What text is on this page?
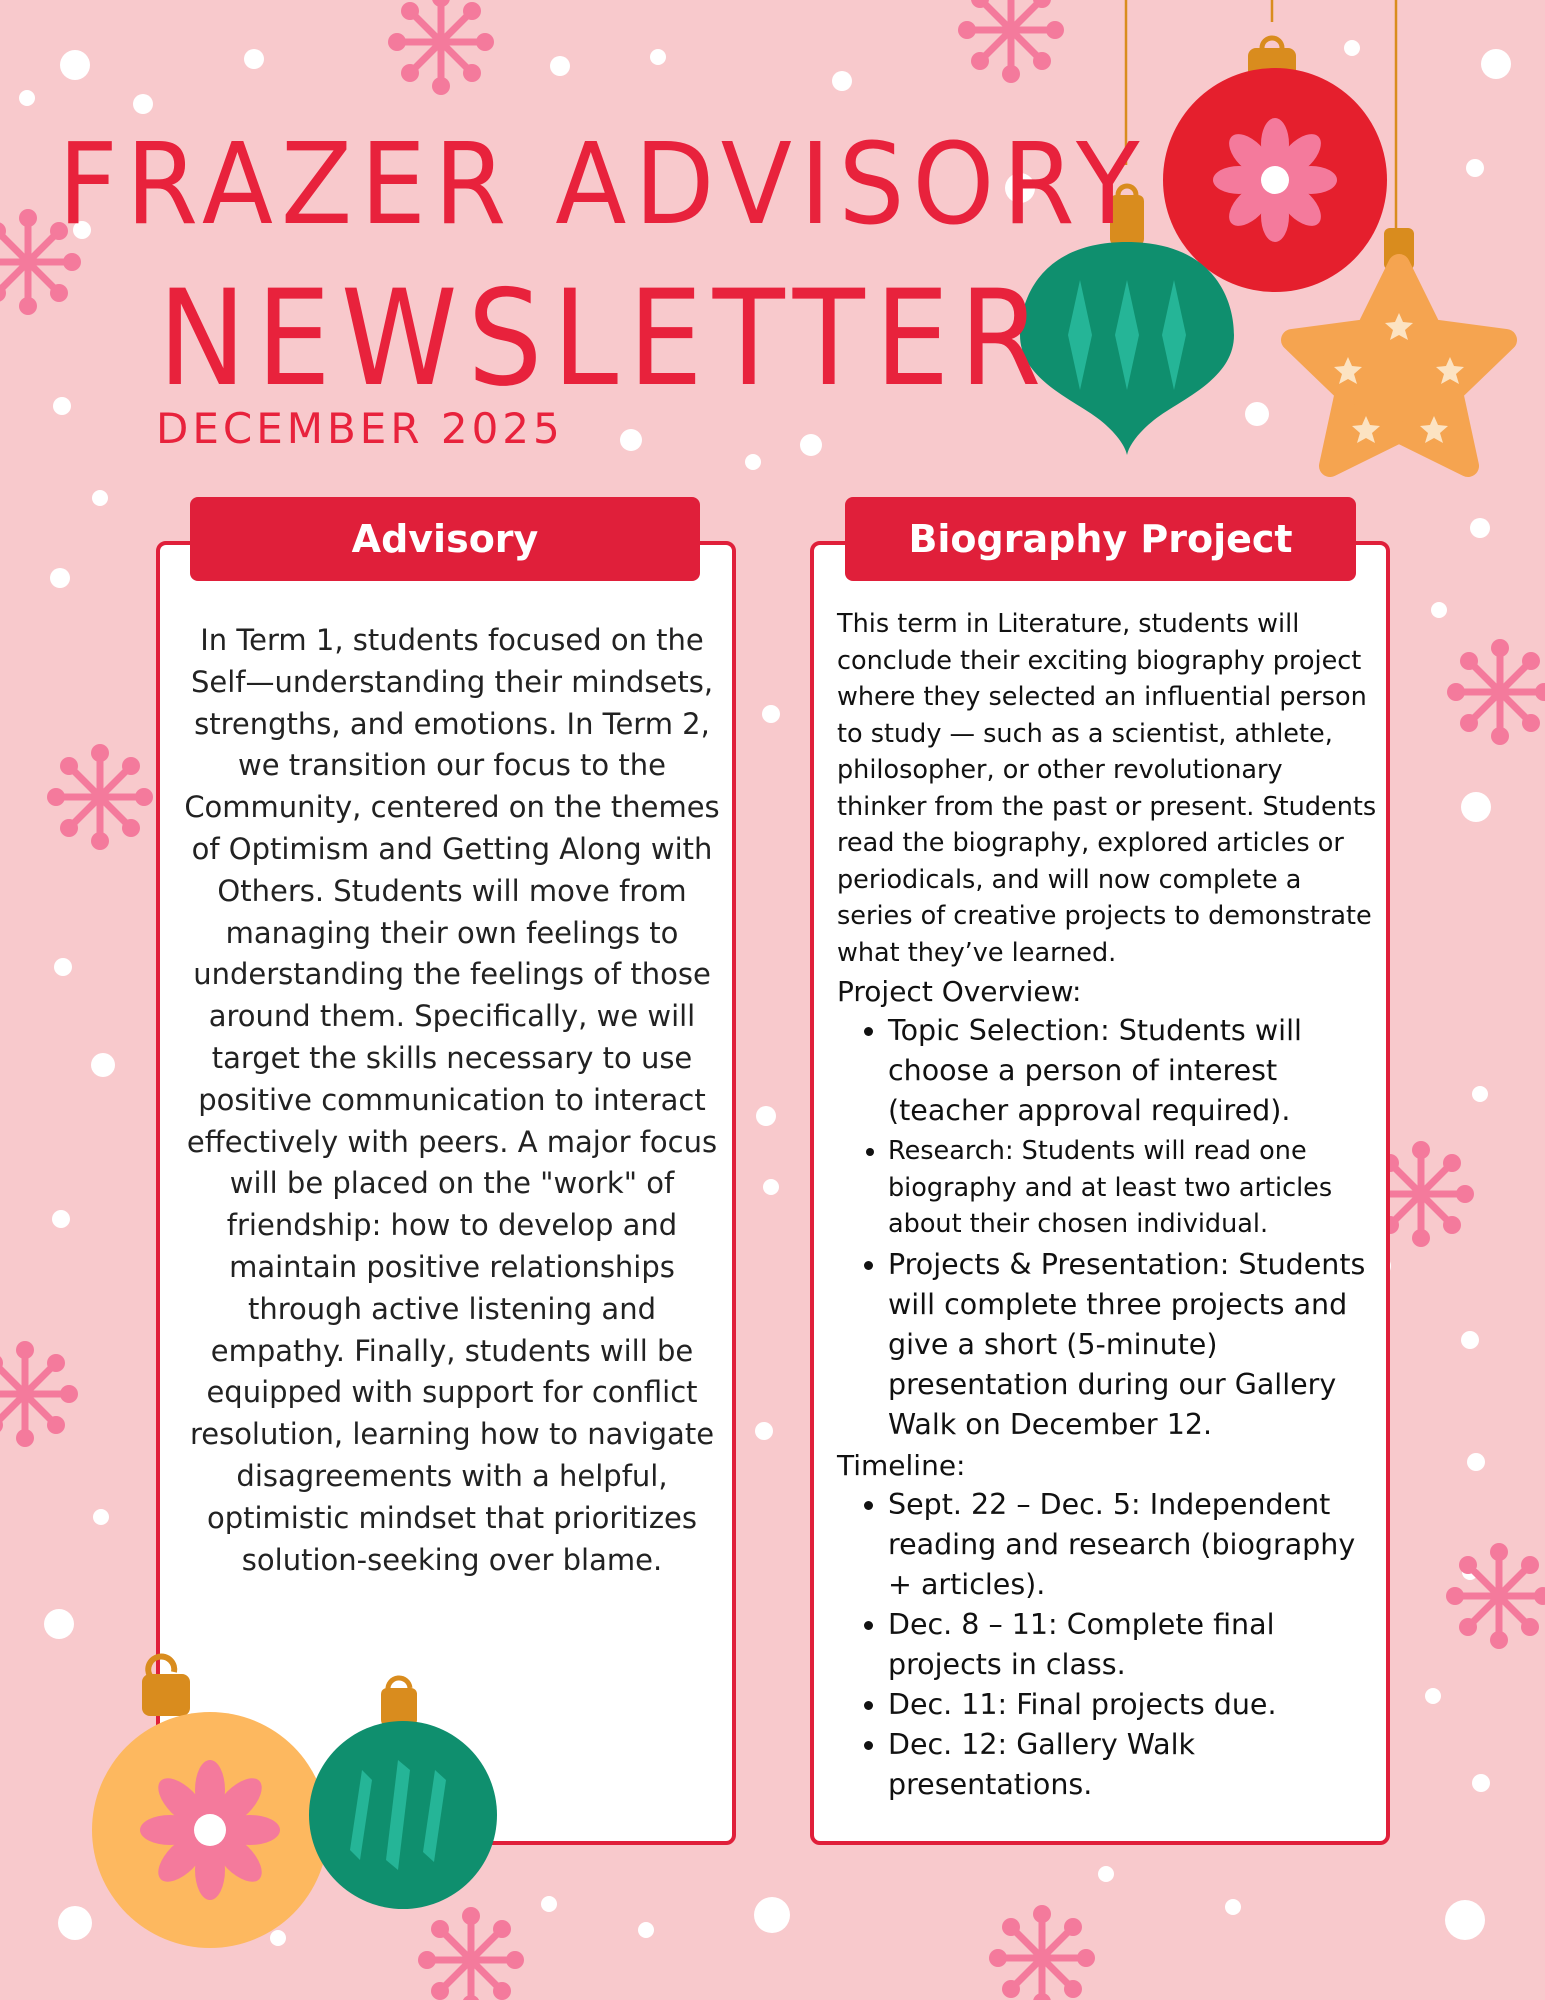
FRAZER ADVISORY
NEWSLETTER
DECEMBER 2025
Advisory	Biography Project

In Term 1, students focused on the Self—understanding their mindsets, strengths, and emotions. In Term 2, we transition our focus to the Community, centered on the themes of Optimism and Getting Along with Others. Students will move from managing their own feelings to understanding the feelings of those around them. Specifically, we will target the skills necessary to use positive communication to interact effectively with peers. A major focus will be placed on the "work" of friendship: how to develop and maintain positive relationships through active listening and empathy. Finally, students will be equipped with support for conflict resolution, learning how to navigate disagreements with a helpful, optimistic mindset that prioritizes solution-seeking over blame.

This term in Literature, students will conclude their exciting biography project where they selected an influential person to study — such as a scientist, athlete, philosopher, or other revolutionary thinker from the past or present. Students read the biography, explored articles or periodicals, and will now complete a series of creative projects to demonstrate what they’ve learned.

Project Overview:

• Topic Selection: Students will choose a person of interest (teacher approval required).
• Research: Students will read one biography and at least two articles about their chosen individual.
• Projects & Presentation: Students will complete three projects and give a short (5-minute) presentation during our Gallery Walk on December 12.

Timeline:

• Sept. 22 – Dec. 5: Independent reading and research (biography + articles).
• Dec. 8 – 11: Complete final projects in class.
• Dec. 11: Final projects due.
• Dec. 12: Gallery Walk presentations.
